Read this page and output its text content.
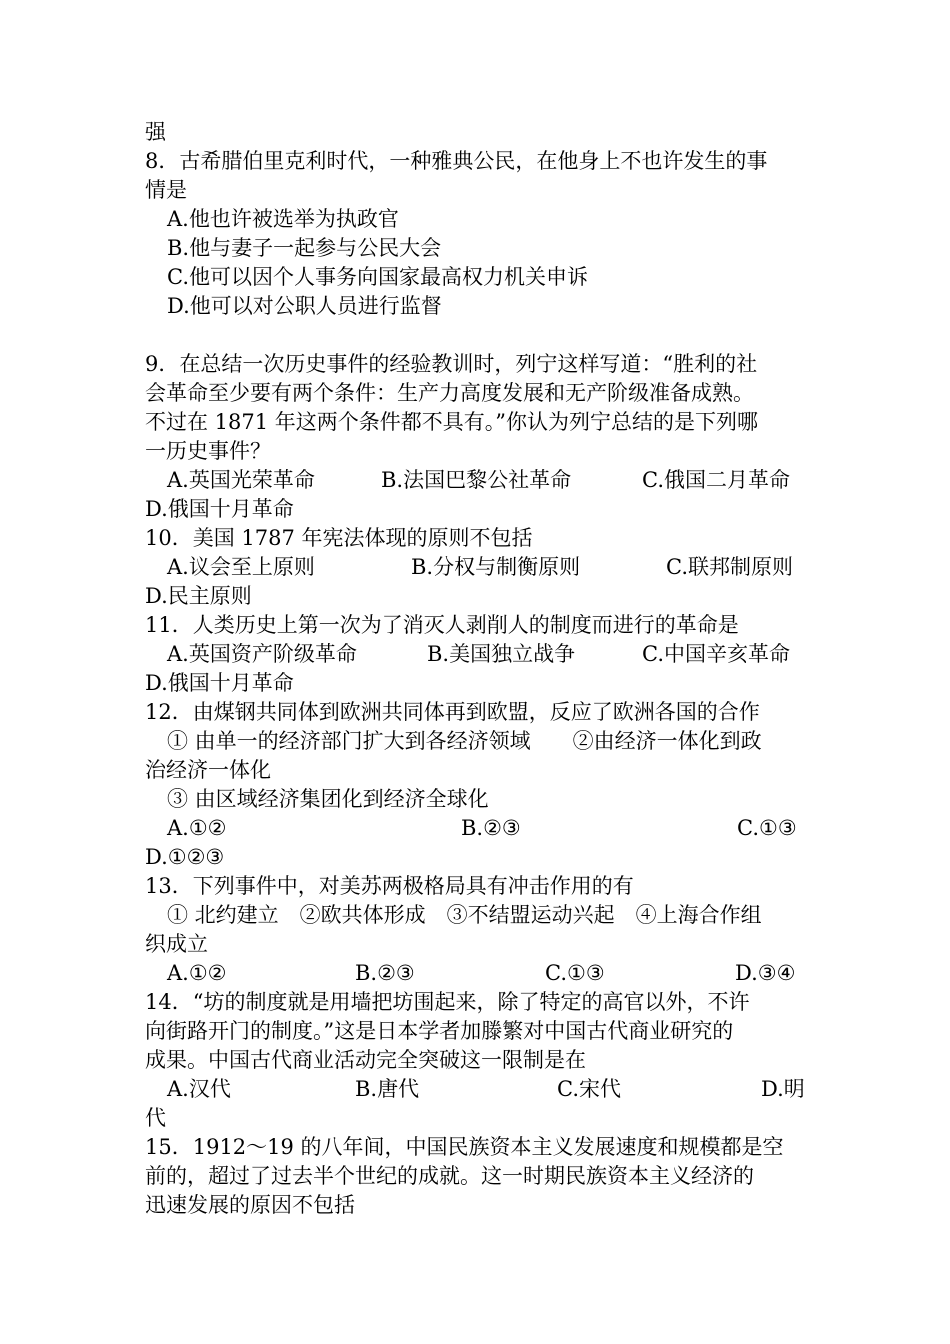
强
8．古希腊伯里克利时代，一种雅典公民，在他身上不也许发生的事
情是
A.他也许被选举为执政官
B.他与妻子一起参与公民大会
C.他可以因个人事务向国家最高权力机关申诉
D.他可以对公职人员进行监督
9．在总结一次历史事件的经验教训时，列宁这样写道：“胜利的社
会革命至少要有两个条件：生产力高度发展和无产阶级准备成熟。
不过在 1871 年这两个条件都不具有。”你认为列宁总结的是下列哪
一历史事件？
A.英国光荣革命	B.法国巴黎公社革命	C.俄国二月革命
D.俄国十月革命
10．美国 1787 年宪法体现的原则不包括
A.议会至上原则	B.分权与制衡原则	C.联邦制原则
D.民主原则
11．人类历史上第一次为了消灭人剥削人的制度而进行的革命是
A.英国资产阶级革命	B.美国独立战争	C.中国辛亥革命
D.俄国十月革命
12．由煤钢共同体到欧洲共同体再到欧盟，反应了欧洲各国的合作
① 由单一的经济部门扩大到各经济领域　　②由经济一体化到政
治经济一体化
③ 由区域经济集团化到经济全球化
A.①②	B.②③	C.①③
D.①②③
13．下列事件中，对美苏两极格局具有冲击作用的有
① 北约建立　②欧共体形成　③不结盟运动兴起　④上海合作组
织成立
A.①②	B.②③	C.①③	D.③④
14．“坊的制度就是用墙把坊围起来，除了特定的高官以外，不许
向街路开门的制度。”这是日本学者加滕繁对中国古代商业研究的
成果。中国古代商业活动完全突破这一限制是在
A.汉代	B.唐代	C.宋代	D.明
代
15．1912～19 的八年间，中国民族资本主义发展速度和规模都是空
前的，超过了过去半个世纪的成就。这一时期民族资本主义经济的
迅速发展的原因不包括
